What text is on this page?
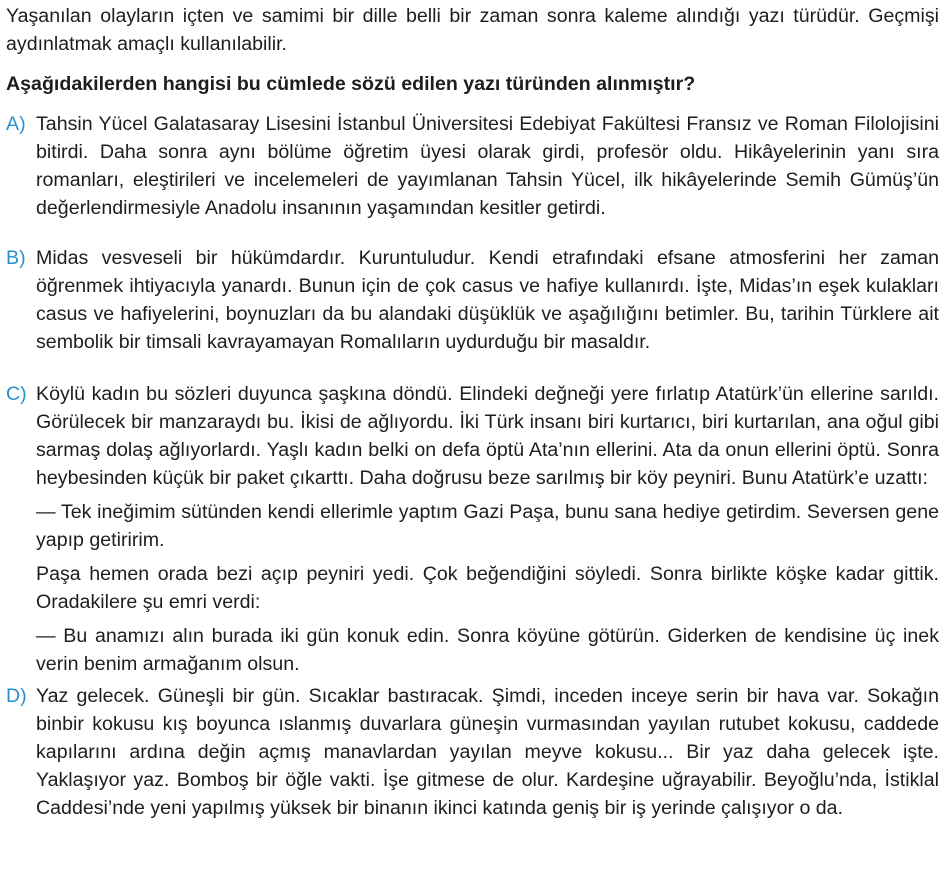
Yaşanılan olayların içten ve samimi bir dille belli bir zaman sonra kaleme alındığı yazı türüdür. Geçmişi aydınlatmak amaçlı kullanılabilir.

Aşağıdakilerden hangisi bu cümlede sözü edilen yazı türünden alınmıştır?

A) Tahsin Yücel Galatasaray Lisesini İstanbul Üniversitesi Edebiyat Fakültesi Fransız ve Roman Filolojisini bitirdi. Daha sonra aynı bölüme öğretim üyesi olarak girdi, profesör oldu. Hikâyelerinin yanı sıra romanları, eleştirileri ve incelemeleri de yayımlanan Tahsin Yücel, ilk hikâyelerinde Semih Gümüş’ün değerlendirmesiyle Anadolu insanının yaşamından kesitler getirdi.

B) Midas vesveseli bir hükümdardır. Kuruntuludur. Kendi etrafındaki efsane atmosferini her zaman öğrenmek ihtiyacıyla yanardı. Bunun için de çok casus ve hafiye kullanırdı. İşte, Midas’ın eşek kulakları casus ve hafiyelerini, boynuzları da bu alandaki düşüklük ve aşağılığını betimler. Bu, tarihin Türklere ait sembolik bir timsali kavrayamayan Romalıların uydurduğu bir masaldır.

C) Köylü kadın bu sözleri duyunca şaşkına döndü. Elindeki değneği yere fırlatıp Atatürk’ün ellerine sarıldı. Görülecek bir manzaraydı bu. İkisi de ağlıyordu. İki Türk insanı biri kurtarıcı, biri kurtarılan, ana oğul gibi sarmaş dolaş ağlıyorlardı. Yaşlı kadın belki on defa öptü Ata’nın ellerini. Ata da onun ellerini öptü. Sonra heybesinden küçük bir paket çıkarttı. Daha doğrusu beze sarılmış bir köy peyniri. Bunu Atatürk’e uzattı:

— Tek ineğimim sütünden kendi ellerimle yaptım Gazi Paşa, bunu sana hediye getirdim. Seversen gene yapıp getiririm.

Paşa hemen orada bezi açıp peyniri yedi. Çok beğendiğini söyledi. Sonra birlikte köşke kadar gittik. Oradakilere şu emri verdi:

— Bu anamızı alın burada iki gün konuk edin. Sonra köyüne götürün. Giderken de kendisine üç inek verin benim armağanım olsun.

D) Yaz gelecek. Güneşli bir gün. Sıcaklar bastıracak. Şimdi, inceden inceye serin bir hava var. Sokağın binbir kokusu kış boyunca ıslanmış duvarlara güneşin vurmasından yayılan rutubet kokusu, caddede kapılarını ardına değin açmış manavlardan yayılan meyve kokusu... Bir yaz daha gelecek işte. Yaklaşıyor yaz. Bomboş bir öğle vakti. İşe gitmese de olur. Kardeşine uğrayabilir. Beyoğlu’nda, İstiklal Caddesi’nde yeni yapılmış yüksek bir binanın ikinci katında geniş bir iş yerinde çalışıyor o da.
